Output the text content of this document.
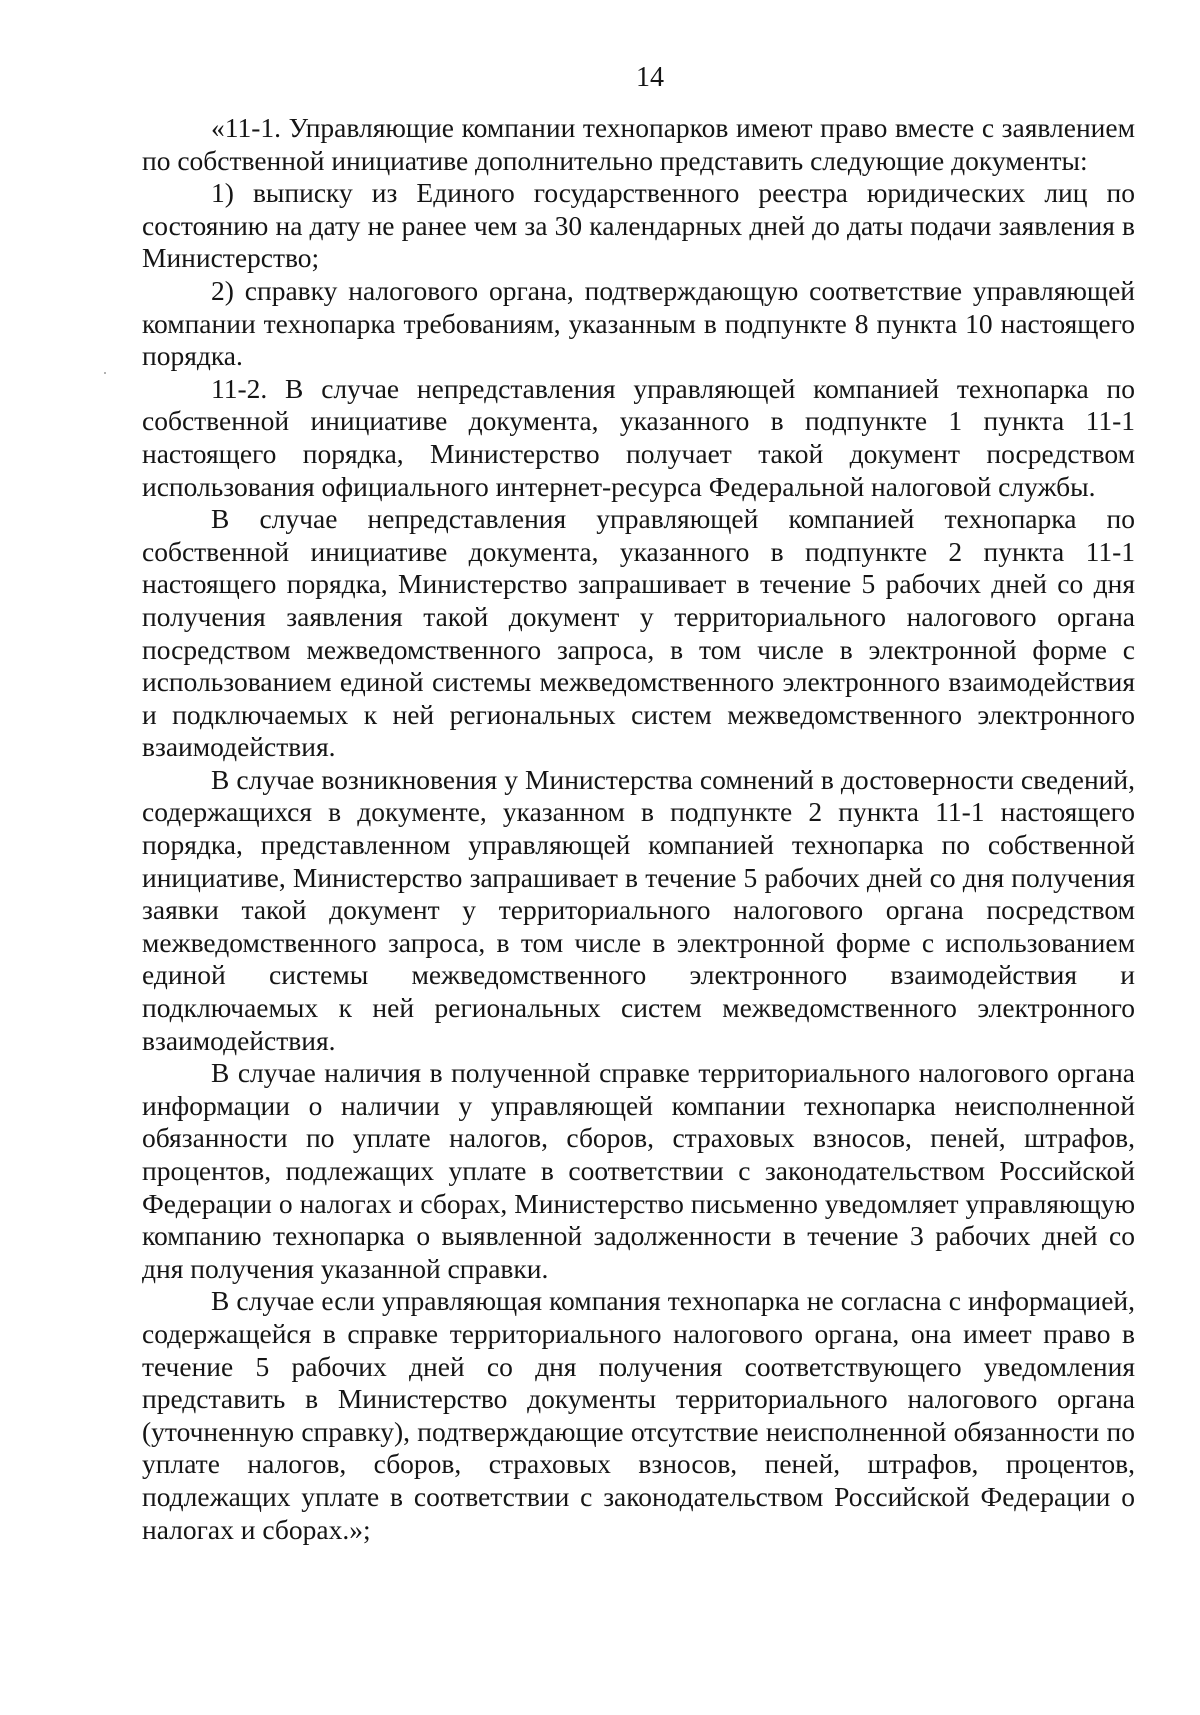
14

«11-1. Управляющие компании технопарков имеют право вместе с заявлением по собственной инициативе дополнительно представить следующие документы:

1) выписку из Единого государственного реестра юридических лиц по состоянию на дату не ранее чем за 30 календарных дней до даты подачи заявления в Министерство;

2) справку налогового органа, подтверждающую соответствие управляющей компании технопарка требованиям, указанным в подпункте 8 пункта 10 настоящего порядка.

11-2. В случае непредставления управляющей компанией технопарка по собственной инициативе документа, указанного в подпункте 1 пункта 11-1 настоящего порядка, Министерство получает такой документ посредством использования официального интернет-ресурса Федеральной налоговой службы.

В случае непредставления управляющей компанией технопарка по собственной инициативе документа, указанного в подпункте 2 пункта 11-1 настоящего порядка, Министерство запрашивает в течение 5 рабочих дней со дня получения заявления такой документ у территориального налогового органа посредством межведомственного запроса, в том числе в электронной форме с использованием единой системы межведомственного электронного взаимодействия и подключаемых к ней региональных систем межведомственного электронного взаимодействия.

В случае возникновения у Министерства сомнений в достоверности сведений, содержащихся в документе, указанном в подпункте 2 пункта 11-1 настоящего порядка, представленном управляющей компанией технопарка по собственной инициативе, Министерство запрашивает в течение 5 рабочих дней со дня получения заявки такой документ у территориального налогового органа посредством межведомственного запроса, в том числе в электронной форме с использованием единой системы межведомственного электронного взаимодействия и подключаемых к ней региональных систем межведомственного электронного взаимодействия.

В случае наличия в полученной справке территориального налогового органа информации о наличии у управляющей компании технопарка неисполненной обязанности по уплате налогов, сборов, страховых взносов, пеней, штрафов, процентов, подлежащих уплате в соответствии с законодательством Российской Федерации о налогах и сборах, Министерство письменно уведомляет управляющую компанию технопарка о выявленной задолженности в течение 3 рабочих дней со дня получения указанной справки.

В случае если управляющая компания технопарка не согласна с информацией, содержащейся в справке территориального налогового органа, она имеет право в течение 5 рабочих дней со дня получения соответствующего уведомления представить в Министерство документы территориального налогового органа (уточненную справку), подтверждающие отсутствие неисполненной обязанности по уплате налогов, сборов, страховых взносов, пеней, штрафов, процентов, подлежащих уплате в соответствии с законодательством Российской Федерации о налогах и сборах.»;
